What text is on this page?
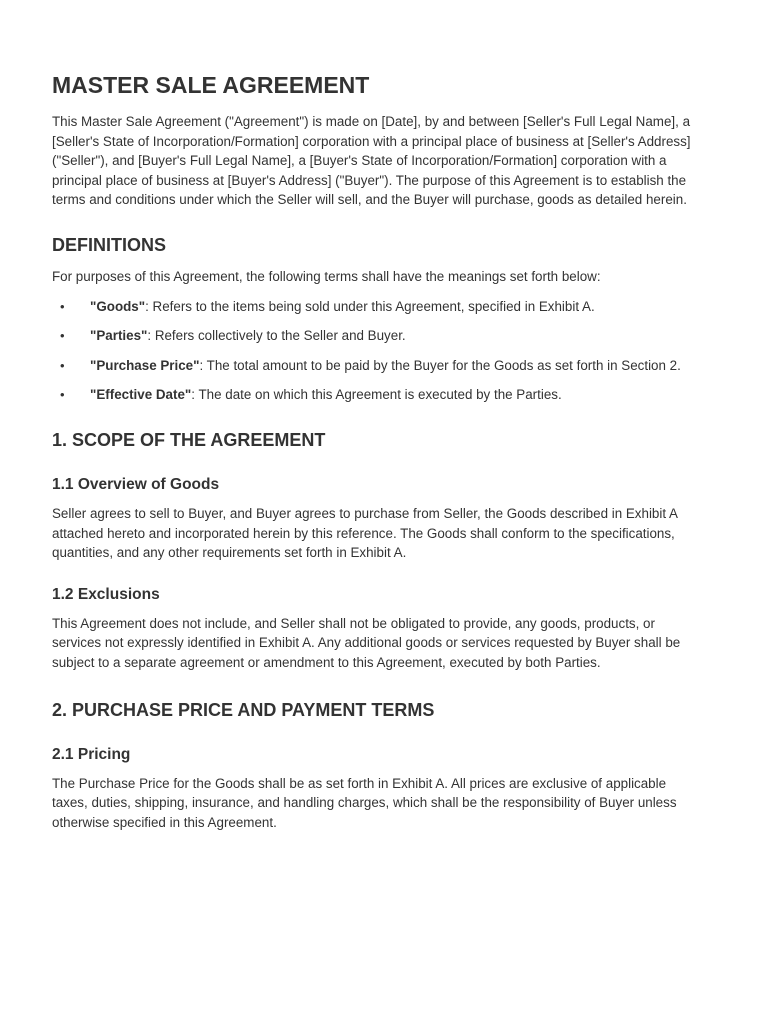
MASTER SALE AGREEMENT

This Master Sale Agreement ("Agreement") is made on [Date], by and between [Seller's Full Legal Name], a [Seller's State of Incorporation/Formation] corporation with a principal place of business at [Seller's Address] ("Seller"), and [Buyer's Full Legal Name], a [Buyer's State of Incorporation/Formation] corporation with a principal place of business at [Buyer's Address] ("Buyer"). The purpose of this Agreement is to establish the terms and conditions under which the Seller will sell, and the Buyer will purchase, goods as detailed herein.

DEFINITIONS

For purposes of this Agreement, the following terms shall have the meanings set forth below:

• "Goods": Refers to the items being sold under this Agreement, specified in Exhibit A.
• "Parties": Refers collectively to the Seller and Buyer.
• "Purchase Price": The total amount to be paid by the Buyer for the Goods as set forth in Section 2.
• "Effective Date": The date on which this Agreement is executed by the Parties.
1. SCOPE OF THE AGREEMENT
1.1 Overview of Goods

Seller agrees to sell to Buyer, and Buyer agrees to purchase from Seller, the Goods described in Exhibit A attached hereto and incorporated herein by this reference. The Goods shall conform to the specifications, quantities, and any other requirements set forth in Exhibit A.

1.2 Exclusions

This Agreement does not include, and Seller shall not be obligated to provide, any goods, products, or services not expressly identified in Exhibit A. Any additional goods or services requested by Buyer shall be subject to a separate agreement or amendment to this Agreement, executed by both Parties.

2. PURCHASE PRICE AND PAYMENT TERMS
2.1 Pricing

The Purchase Price for the Goods shall be as set forth in Exhibit A. All prices are exclusive of applicable taxes, duties, shipping, insurance, and handling charges, which shall be the responsibility of Buyer unless otherwise specified in this Agreement.
